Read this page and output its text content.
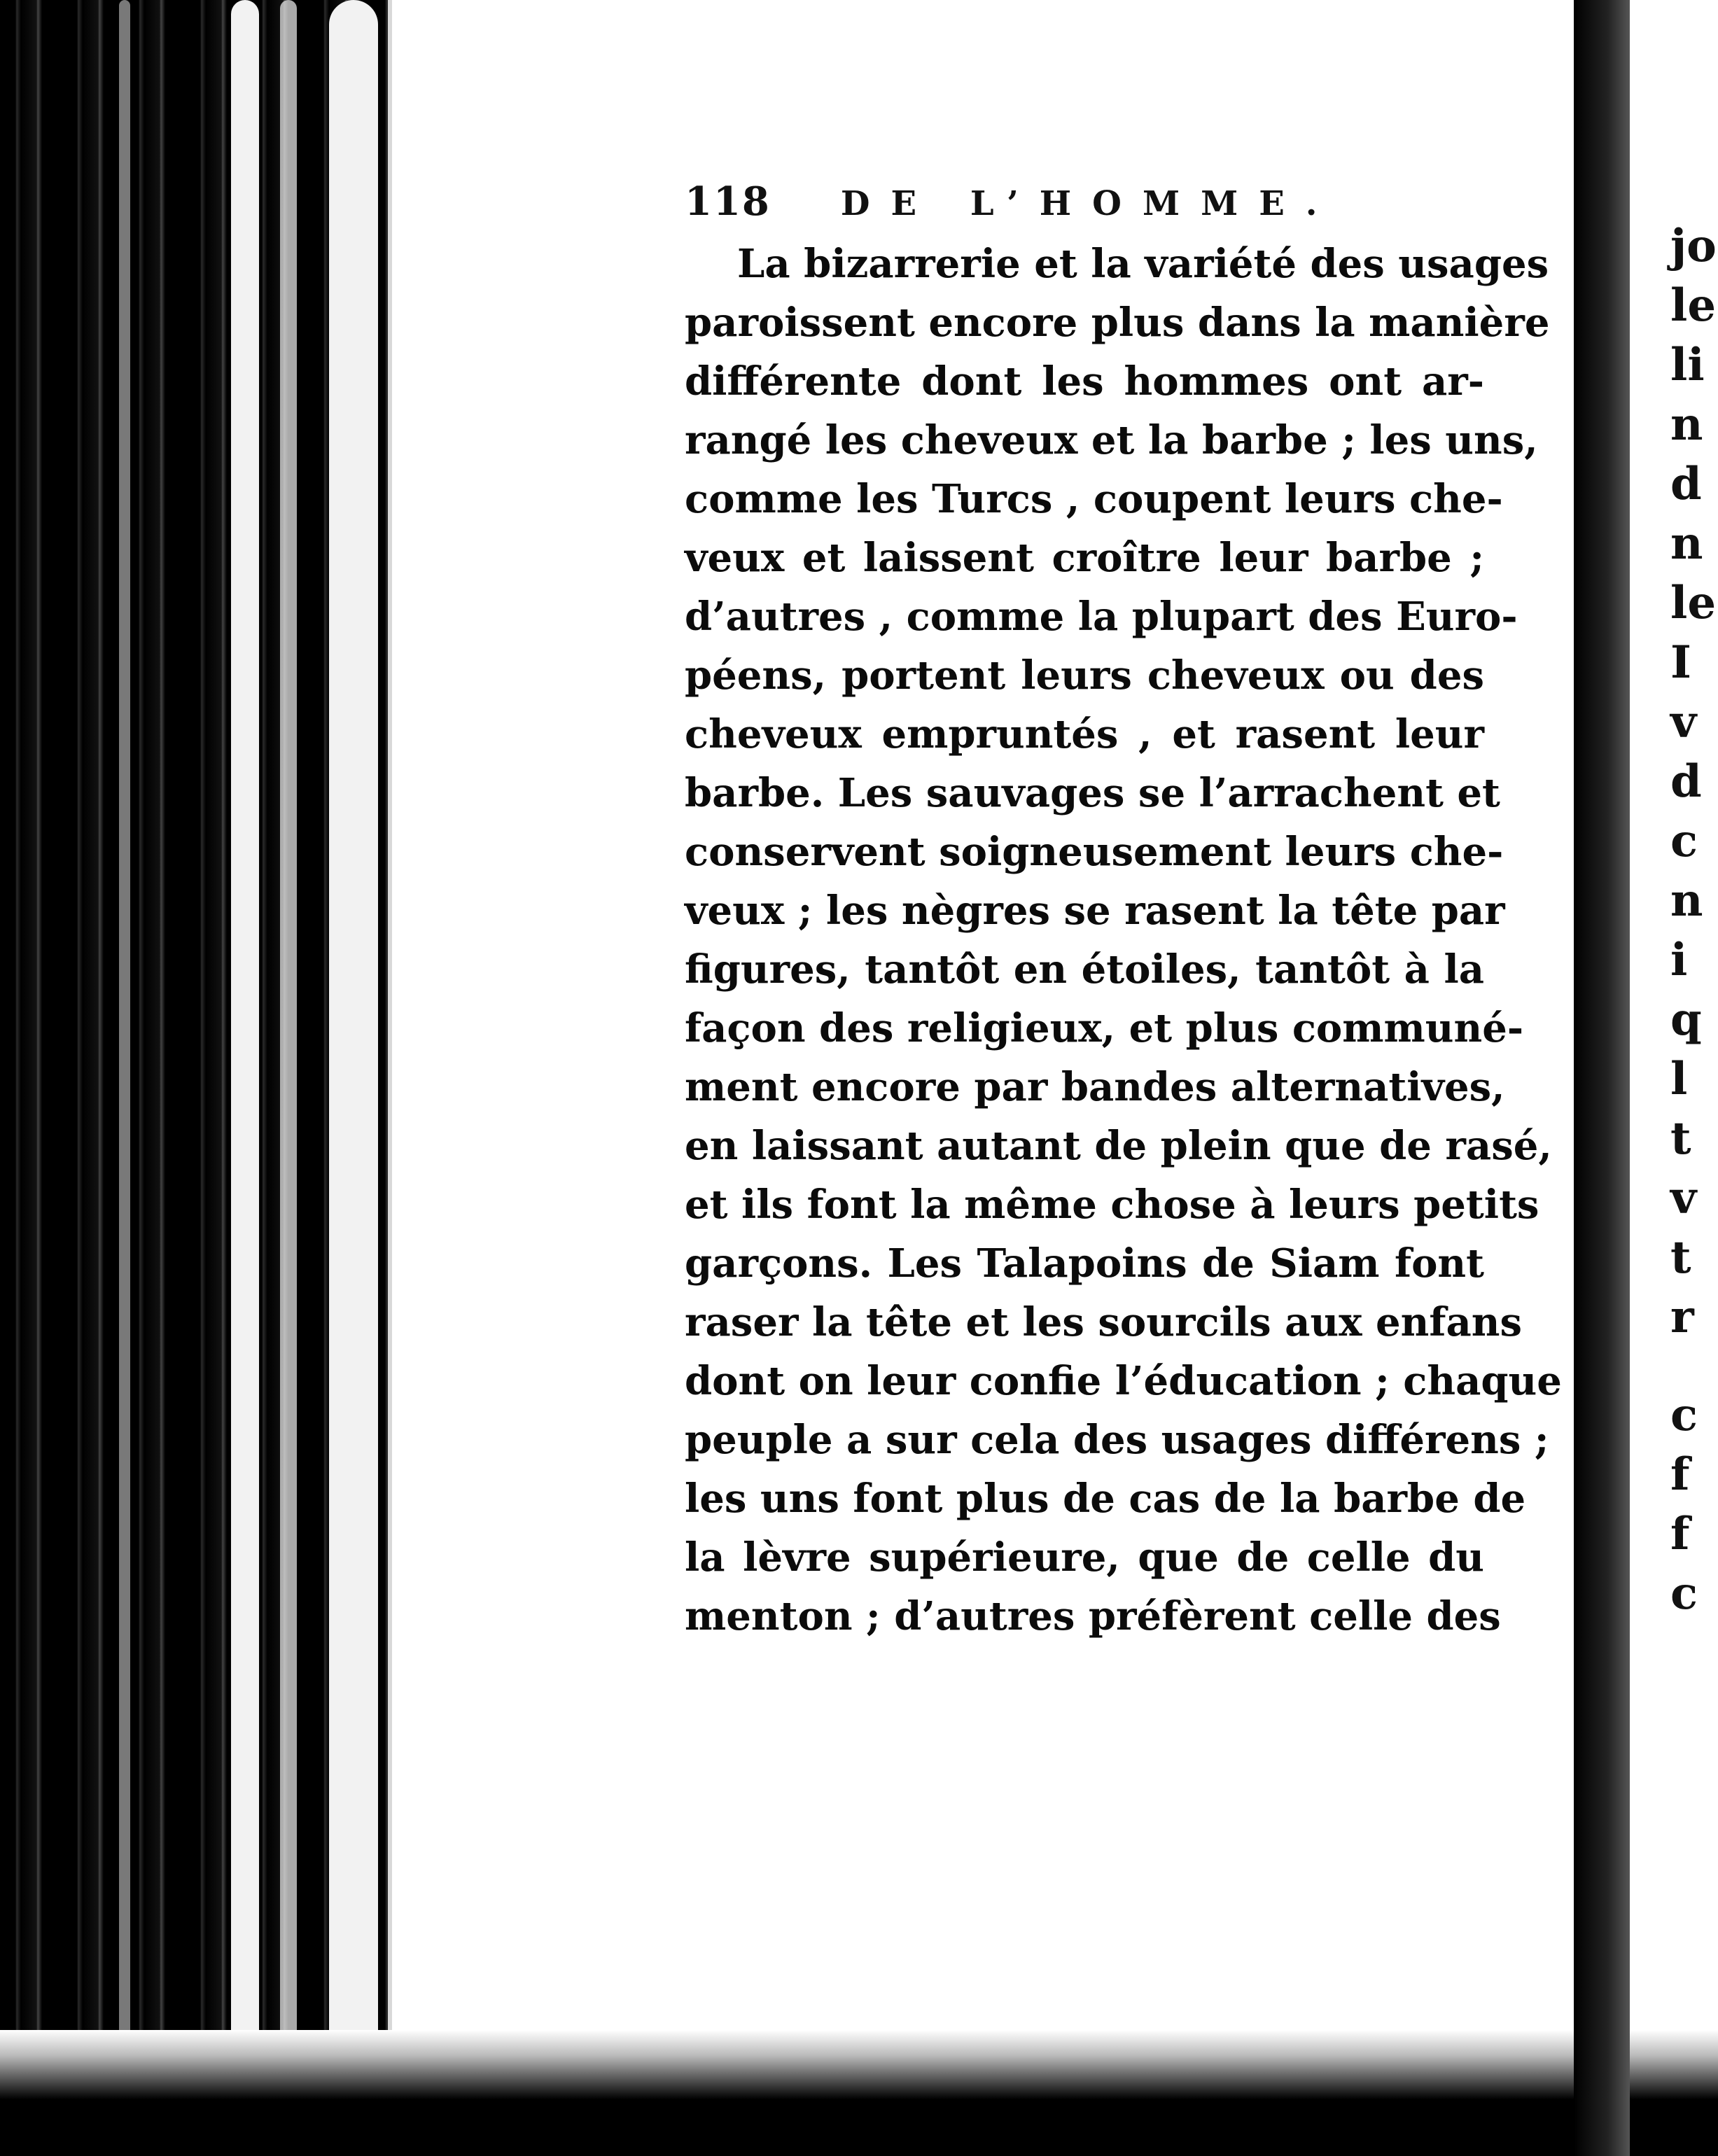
jo
le
li
n
d
n
le
I
v
d
c
n
i
q
l
t
v
t
r
c
f
f
c
118 DE L’HOMME.
La bizarrerie et la variété des usages
paroissent encore plus dans la manière
différente dont les hommes ont ar-
rangé les cheveux et la barbe ; les uns,
comme les Turcs , coupent leurs che-
veux et laissent croître leur barbe ;
d’autres , comme la plupart des Euro-
péens, portent leurs cheveux ou des
cheveux empruntés , et rasent leur
barbe. Les sauvages se l’arrachent et
conservent soigneusement leurs che-
veux ; les nègres se rasent la tête par
figures, tantôt en étoiles, tantôt à la
façon des religieux, et plus communé-
ment encore par bandes alternatives,
en laissant autant de plein que de rasé,
et ils font la même chose à leurs petits
garçons. Les Talapoins de Siam font
raser la tête et les sourcils aux enfans
dont on leur confie l’éducation ; chaque
peuple a sur cela des usages différens ;
les uns font plus de cas de la barbe de
la lèvre supérieure, que de celle du
menton ; d’autres préfèrent celle des
